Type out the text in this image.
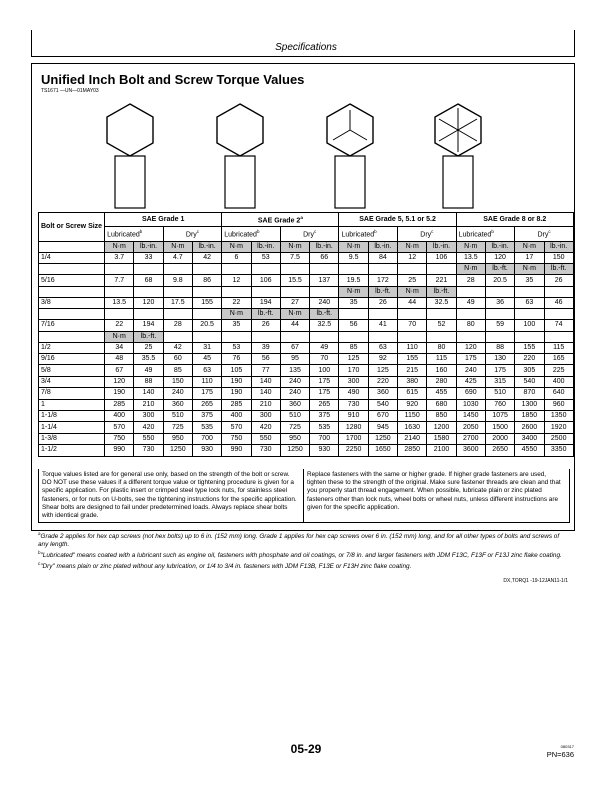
Specifications
Unified Inch Bolt and Screw Torque Values
TS1671 —UN—01MAY03
Bolt or Screw Size	SAE Grade 1				SAE Grade 2$^a$				SAE Grade 5, 5.1 or 5.2				SAE Grade 8 or 8.2			
	Lubricated$^b$		Dry$^c$		Lubricated$^b$		Dry$^c$		Lubricated$^b$		Dry$^c$		Lubricated$^b$		Dry$^c$
	N·m	lb.-in.	N·m	lb.-in.	N·m	lb.-in.	N·m	lb.-in.	N·m	lb.-in.	N·m	lb.-in.	N·m	lb.-in.	N·m	lb.-in.
1/4	3.7	33	4.7	42	6	53	7.5	66	9.5	84	12	106	13.5	120	17	150
													N·m	lb.-ft.	N·m	lb.-ft.
5/16	7.7	68	9.8	86	12	106	15.5	137	19.5	172	25	221	28	20.5	35	26
									N·m	lb.-ft.	N·m	lb.-ft.				
3/8	13.5	120	17.5	155	22	194	27	240	35	26	44	32.5	49	36	63	46
					N·m	lb.-ft.	N·m	lb.-ft.								
7/16	22	194	28	20.5	35	26	44	32.5	56	41	70	52	80	59	100	74
	N·m	lb.-ft.														
1/2	34	25	42	31	53	39	67	49	85	63	110	80	120	88	155	115
9/16	48	35.5	60	45	76	56	95	70	125	92	155	115	175	130	220	165
5/8	67	49	85	63	105	77	135	100	170	125	215	160	240	175	305	225
3/4	120	88	150	110	190	140	240	175	300	220	380	280	425	315	540	400
7/8	190	140	240	175	190	140	240	175	490	360	615	455	690	510	870	640
1	285	210	360	265	285	210	360	265	730	540	920	680	1030	760	1300	960
1-1/8	400	300	510	375	400	300	510	375	910	670	1150	850	1450	1075	1850	1350
1-1/4	570	420	725	535	570	420	725	535	1280	945	1630	1200	2050	1500	2600	1920
1-3/8	750	550	950	700	750	550	950	700	1700	1250	2140	1580	2700	2000	3400	2500
1-1/2	990	730	1250	930	990	730	1250	930	2250	1650	2850	2100	3600	2650	4550	3350
Torque values listed are for general use only, based on the strength of the bolt or screw. DO NOT use these values if a different torque value or tightening procedure is given for a specific application. For plastic insert or crimped steel type lock nuts, for stainless steel fasteners, or for nuts on U-bolts, see the tightening instructions for the specific application. Shear bolts are designed to fail under predetermined loads. Always replace shear bolts with identical grade.
Replace fasteners with the same or higher grade. If higher grade fasteners are used, tighten these to the strength of the original. Make sure fastener threads are clean and that you properly start thread engagement. When possible, lubricate plain or zinc plated fasteners other than lock nuts, wheel bolts or wheel nuts, unless different instructions are given for the specific application.
$^a$Grade 2 applies for hex cap screws (not hex bolts) up to 6 in. (152 mm) long. Grade 1 applies for hex cap screws over 6 in. (152 mm) long, and for all other types of bolts and screws of any length.
$^b$"Lubricated" means coated with a lubricant such as engine oil, fasteners with phosphate and oil coatings, or 7/8 in. and larger fasteners with JDM F13C, F13F or F13J zinc flake coating.
$^c$"Dry" means plain or zinc plated without any lubrication, or 1/4 to 3/4 in. fasteners with JDM F13B, F13E or F13H zinc flake coating.
DX,TORQ1 -19-12JAN11-1/1
05-29	080317
PN=636
